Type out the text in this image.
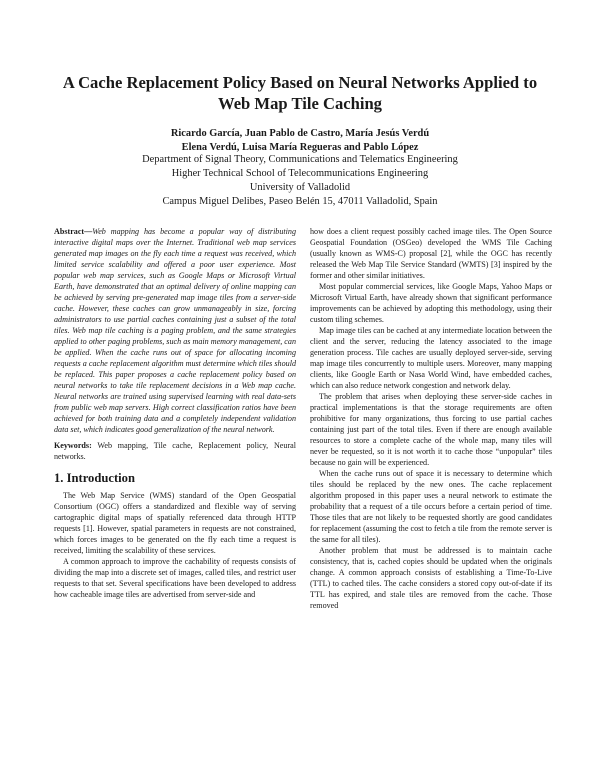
A Cache Replacement Policy Based on Neural Networks Applied to
Web Map Tile Caching
Ricardo García, Juan Pablo de Castro, María Jesús Verdú
Elena Verdú, Luisa María Regueras and Pablo López
Department of Signal Theory, Communications and Telematics Engineering
Higher Technical School of Telecommunications Engineering
University of Valladolid
Campus Miguel Delibes, Paseo Belén 15, 47011 Valladolid, Spain

Abstract—Web mapping has become a popular way of distributing interactive digital maps over the Internet. Traditional web map services generated map images on the fly each time a request was received, which limited service scalability and offered a poor user experience. Most popular web map services, such as Google Maps or Microsoft Virtual Earth, have demonstrated that an optimal delivery of online mapping can be achieved by serving pre-generated map image tiles from a server-side cache. However, these caches can grow unmanageably in size, forcing administrators to use partial caches containing just a subset of the total tiles. Web map tile caching is a paging problem, and the same strategies applied to other paging problems, such as main memory management, can be applied. When the cache runs out of space for allocating incoming requests a cache replacement algorithm must determine which tiles should be replaced. This paper proposes a cache replacement policy based on neural networks to take tile replacement decisions in a Web map cache. Neural networks are trained using supervised learning with real data-sets from public web map servers. High correct classification ratios have been achieved for both training data and a completely independent validation data set, which indicates good generalization of the neural network.

Keywords: Web mapping, Tile cache, Replacement policy, Neural networks.

1. Introduction

The Web Map Service (WMS) standard of the Open Geospatial Consortium (OGC) offers a standardized and flexible way of serving cartographic digital maps of spatially referenced data through HTTP requests [1]. However, spatial parameters in requests are not constrained, which forces images to be generated on the fly each time a request is received, limiting the scalability of these services.

A common approach to improve the cachability of requests consists of dividing the map into a discrete set of images, called tiles, and restrict user requests to that set. Several specifications have been developed to address how cacheable image tiles are advertised from server-side and

how does a client request possibly cached image tiles. The Open Source Geospatial Foundation (OSGeo) developed the WMS Tile Caching (usually known as WMS-C) proposal [2], while the OGC has recently released the Web Map Tile Service Standard (WMTS) [3] inspired by the former and other similar initiatives.

Most popular commercial services, like Google Maps, Yahoo Maps or Microsoft Virtual Earth, have already shown that significant performance improvements can be achieved by adopting this methodology, using their custom tiling schemes.

Map image tiles can be cached at any intermediate location between the client and the server, reducing the latency associated to the image generation process. Tile caches are usually deployed server-side, serving map image tiles concurrently to multiple users. Moreover, many mapping clients, like Google Earth or Nasa World Wind, have embedded caches, which can also reduce network congestion and network delay.

The problem that arises when deploying these server-side caches in practical implementations is that the storage requirements are often prohibitive for many organizations, thus forcing to use partial caches containing just part of the total tiles. Even if there are enough available resources to store a complete cache of the whole map, many tiles will never be requested, so it is not worth it to cache those “unpopular” tiles because no gain will be experienced.

When the cache runs out of space it is necessary to determine which tiles should be replaced by the new ones. The cache replacement algorithm proposed in this paper uses a neural network to estimate the probability that a request of a tile occurs before a certain period of time. Those tiles that are not likely to be requested shortly are good candidates for replacement (assuming the cost to fetch a tile from the remote server is the same for all tiles).

Another problem that must be addressed is to maintain cache consistency, that is, cached copies should be updated when the originals change. A common approach consists of establishing a Time-To-Live (TTL) to cached tiles. The cache considers a stored copy out-of-date if its TTL has expired, and stale tiles are removed from the cache. Those removed
